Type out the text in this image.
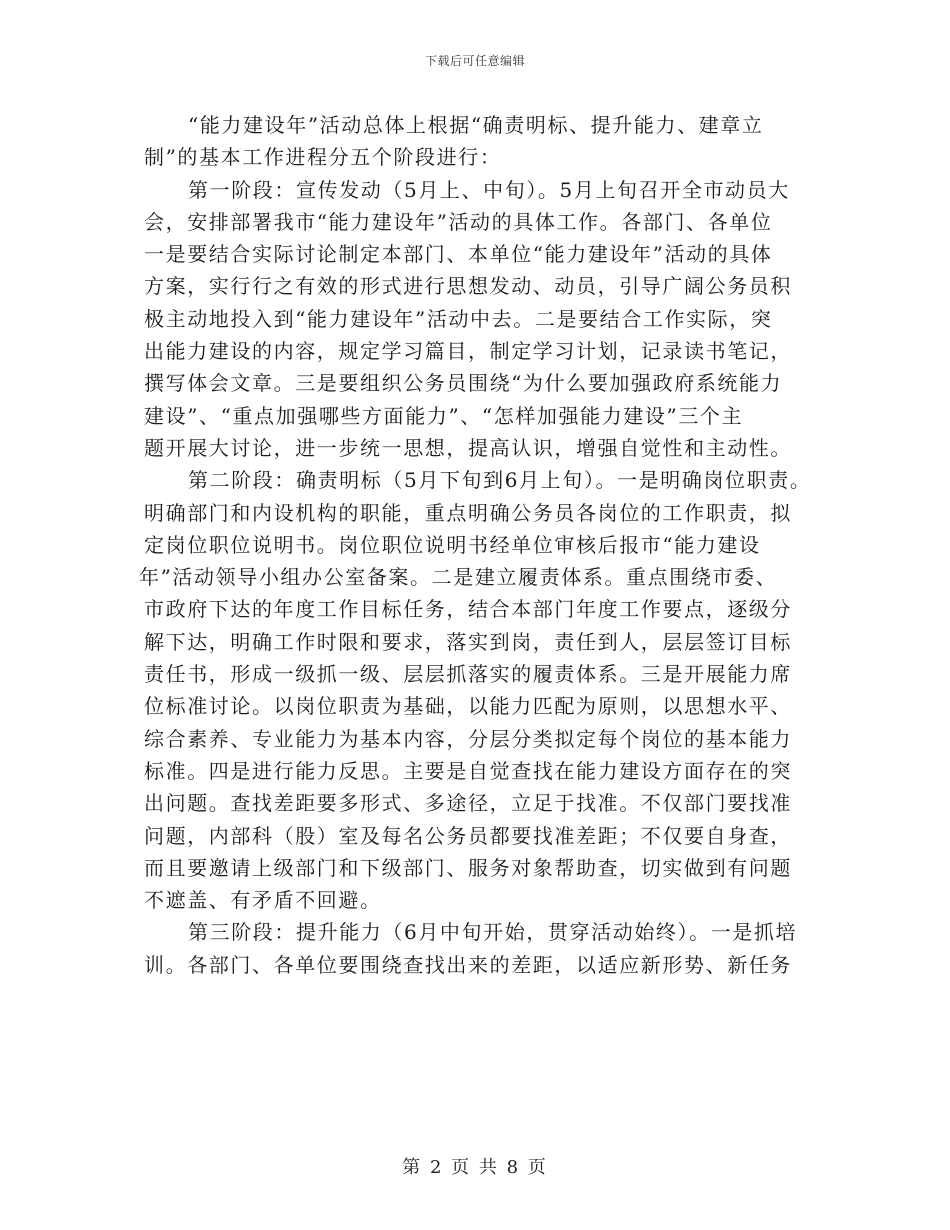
下载后可任意编辑
“能力建设年”活动总体上根据“确责明标、提升能力、建章立
制”的基本工作进程分五个阶段进行：
第一阶段：宣传发动（5月上、中旬）。5月上旬召开全市动员大
会，安排部署我市“能力建设年”活动的具体工作。各部门、各单位
一是要结合实际讨论制定本部门、本单位“能力建设年”活动的具体
方案，实行行之有效的形式进行思想发动、动员，引导广阔公务员积
极主动地投入到“能力建设年”活动中去。二是要结合工作实际，突
出能力建设的内容，规定学习篇目，制定学习计划，记录读书笔记，
撰写体会文章。三是要组织公务员围绕“为什么要加强政府系统能力
建设”、“重点加强哪些方面能力”、“怎样加强能力建设”三个主
题开展大讨论，进一步统一思想，提高认识，增强自觉性和主动性。
第二阶段：确责明标（5月下旬到6月上旬）。一是明确岗位职责。
明确部门和内设机构的职能，重点明确公务员各岗位的工作职责，拟
定岗位职位说明书。岗位职位说明书经单位审核后报市“能力建设
年”活动领导小组办公室备案。二是建立履责体系。重点围绕市委、
市政府下达的年度工作目标任务，结合本部门年度工作要点，逐级分
解下达，明确工作时限和要求，落实到岗，责任到人，层层签订目标
责任书，形成一级抓一级、层层抓落实的履责体系。三是开展能力席
位标准讨论。以岗位职责为基础，以能力匹配为原则，以思想水平、
综合素养、专业能力为基本内容，分层分类拟定每个岗位的基本能力
标准。四是进行能力反思。主要是自觉查找在能力建设方面存在的突
出问题。查找差距要多形式、多途径，立足于找准。不仅部门要找准
问题，内部科（股）室及每名公务员都要找准差距；不仅要自身查，
而且要邀请上级部门和下级部门、服务对象帮助查，切实做到有问题
不遮盖、有矛盾不回避。
第三阶段：提升能力（6月中旬开始，贯穿活动始终）。一是抓培
训。各部门、各单位要围绕查找出来的差距，以适应新形势、新任务
第 2 页 共 8 页
